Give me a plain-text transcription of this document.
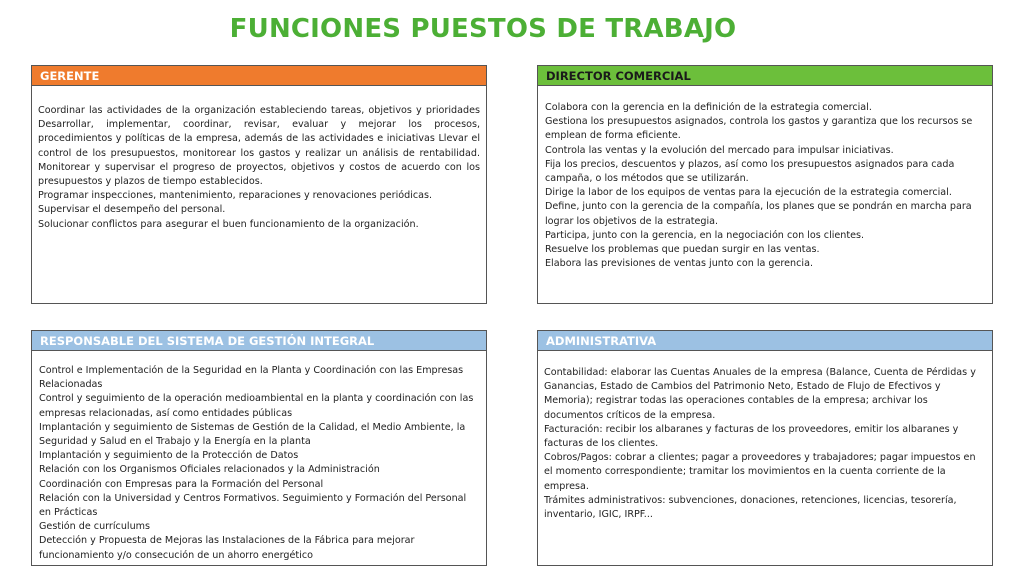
FUNCIONES PUESTOS DE TRABAJO
GERENTE

Coordinar las actividades de la organización estableciendo tareas, objetivos y prioridades Desarrollar, implementar, coordinar, revisar, evaluar y mejorar los procesos, procedimientos y políticas de la empresa, además de las actividades e iniciativas Llevar el control de los presupuestos, monitorear los gastos y realizar un análisis de rentabilidad. Monitorear y supervisar el progreso de proyectos, objetivos y costos de acuerdo con los presupuestos y plazos de tiempo establecidos.

Programar inspecciones, mantenimiento, reparaciones y renovaciones periódicas.

Supervisar el desempeño del personal.

Solucionar conflictos para asegurar el buen funcionamiento de la organización.

DIRECTOR COMERCIAL

Colabora con la gerencia en la definición de la estrategia comercial.

Gestiona los presupuestos asignados, controla los gastos y garantiza que los recursos se emplean de forma eficiente.

Controla las ventas y la evolución del mercado para impulsar iniciativas.

Fija los precios, descuentos y plazos, así como los presupuestos asignados para cada campaña, o los métodos que se utilizarán.

Dirige la labor de los equipos de ventas para la ejecución de la estrategia comercial.

Define, junto con la gerencia de la compañía, los planes que se pondrán en marcha para lograr los objetivos de la estrategia.

Participa, junto con la gerencia, en la negociación con los clientes.

Resuelve los problemas que puedan surgir en las ventas.

Elabora las previsiones de ventas junto con la gerencia.

RESPONSABLE DEL SISTEMA DE GESTIÓN INTEGRAL

Control e Implementación de la Seguridad en la Planta y Coordinación con las Empresas Relacionadas

Control y seguimiento de la operación medioambiental en la planta y coordinación con las empresas relacionadas, así como entidades públicas

Implantación y seguimiento de Sistemas de Gestión de la Calidad, el Medio Ambiente, la Seguridad y Salud en el Trabajo y la Energía en la planta

Implantación y seguimiento de la Protección de Datos

Relación con los Organismos Oficiales relacionados y la Administración

Coordinación con Empresas para la Formación del Personal

Relación con la Universidad y Centros Formativos. Seguimiento y Formación del Personal en Prácticas

Gestión de currículums

Detección y Propuesta de Mejoras las Instalaciones de la Fábrica para mejorar funcionamiento y/o consecución de un ahorro energético

ADMINISTRATIVA

Contabilidad: elaborar las Cuentas Anuales de la empresa (Balance, Cuenta de Pérdidas y Ganancias, Estado de Cambios del Patrimonio Neto, Estado de Flujo de Efectivos y Memoria); registrar todas las operaciones contables de la empresa; archivar los documentos críticos de la empresa.

Facturación: recibir los albaranes y facturas de los proveedores, emitir los albaranes y facturas de los clientes.

Cobros/Pagos: cobrar a clientes; pagar a proveedores y trabajadores; pagar impuestos en el momento correspondiente; tramitar los movimientos en la cuenta corriente de la empresa.

Trámites administrativos: subvenciones, donaciones, retenciones, licencias, tesorería, inventario, IGIC, IRPF...
